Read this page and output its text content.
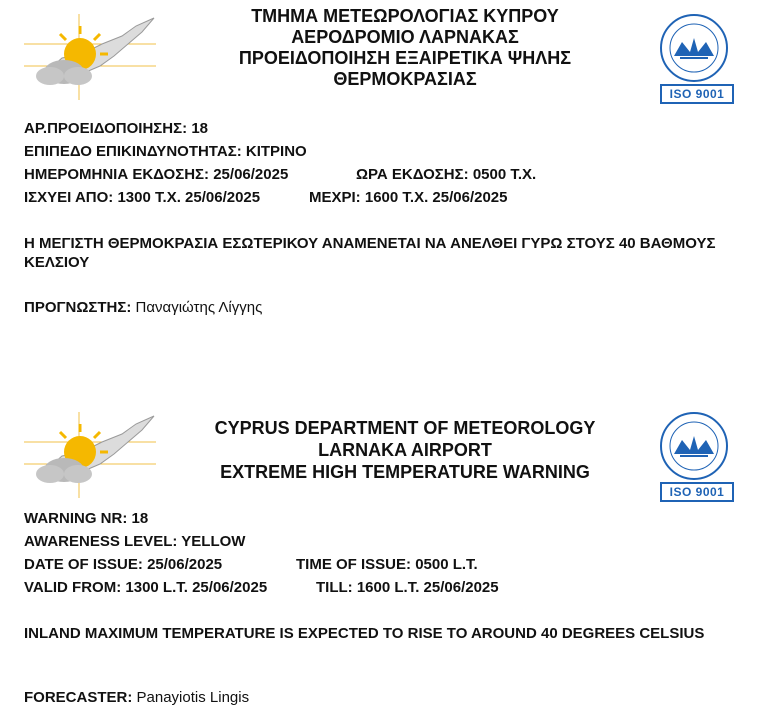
ΤΜΗΜΑ ΜΕΤΕΩΡΟΛΟΓΙΑΣ ΚΥΠΡΟΥ
ΑΕΡΟΔΡΟΜΙΟ ΛΑΡΝΑΚΑΣ
ΠΡΟΕΙΔΟΠΟΙΗΣΗ ΕΞΑΙΡΕΤΙΚΑ ΨΗΛΗΣ
ΘΕΡΜΟΚΡΑΣΙΑΣ
ISO 9001
ΑΡ.ΠΡΟΕΙΔΟΠΟΙΗΣΗΣ: 18
ΕΠΙΠΕΔΟ ΕΠΙΚΙΝΔΥΝΟΤΗΤΑΣ: ΚΙΤΡΙΝΟ
ΗΜΕΡΟΜΗΝΙΑ ΕΚΔΟΣΗΣ: 25/06/2025	ΩΡΑ ΕΚΔΟΣΗΣ: 0500 Τ.Χ.
ΙΣΧΥΕΙ ΑΠΟ: 1300 Τ.Χ. 25/06/2025	ΜΕΧΡΙ: 1600 Τ.Χ. 25/06/2025
Η ΜΕΓΙΣΤΗ ΘΕΡΜΟΚΡΑΣΙΑ ΕΣΩΤΕΡΙΚΟΥ ΑΝΑΜΕΝΕΤΑΙ ΝΑ ΑΝΕΛΘΕΙ ΓΥΡΩ ΣΤΟΥΣ 40 ΒΑΘΜΟΥΣ ΚΕΛΣΙΟΥ
ΠΡΟΓΝΩΣΤΗΣ: Παναγιώτης Λίγγης
CYPRUS DEPARTMENT OF METEOROLOGY
LARNAKA AIRPORT
EXTREME HIGH TEMPERATURE WARNING
ISO 9001
WARNING NR: 18
AWARENESS LEVEL: YELLOW
DATE OF ISSUE: 25/06/2025	TIME OF ISSUE: 0500 L.T.
VALID FROM: 1300 L.T. 25/06/2025	TILL: 1600 L.T. 25/06/2025
INLAND MAXIMUM TEMPERATURE IS EXPECTED TO RISE TO AROUND 40 DEGREES CELSIUS
FORECASTER: Panayiotis Lingis
